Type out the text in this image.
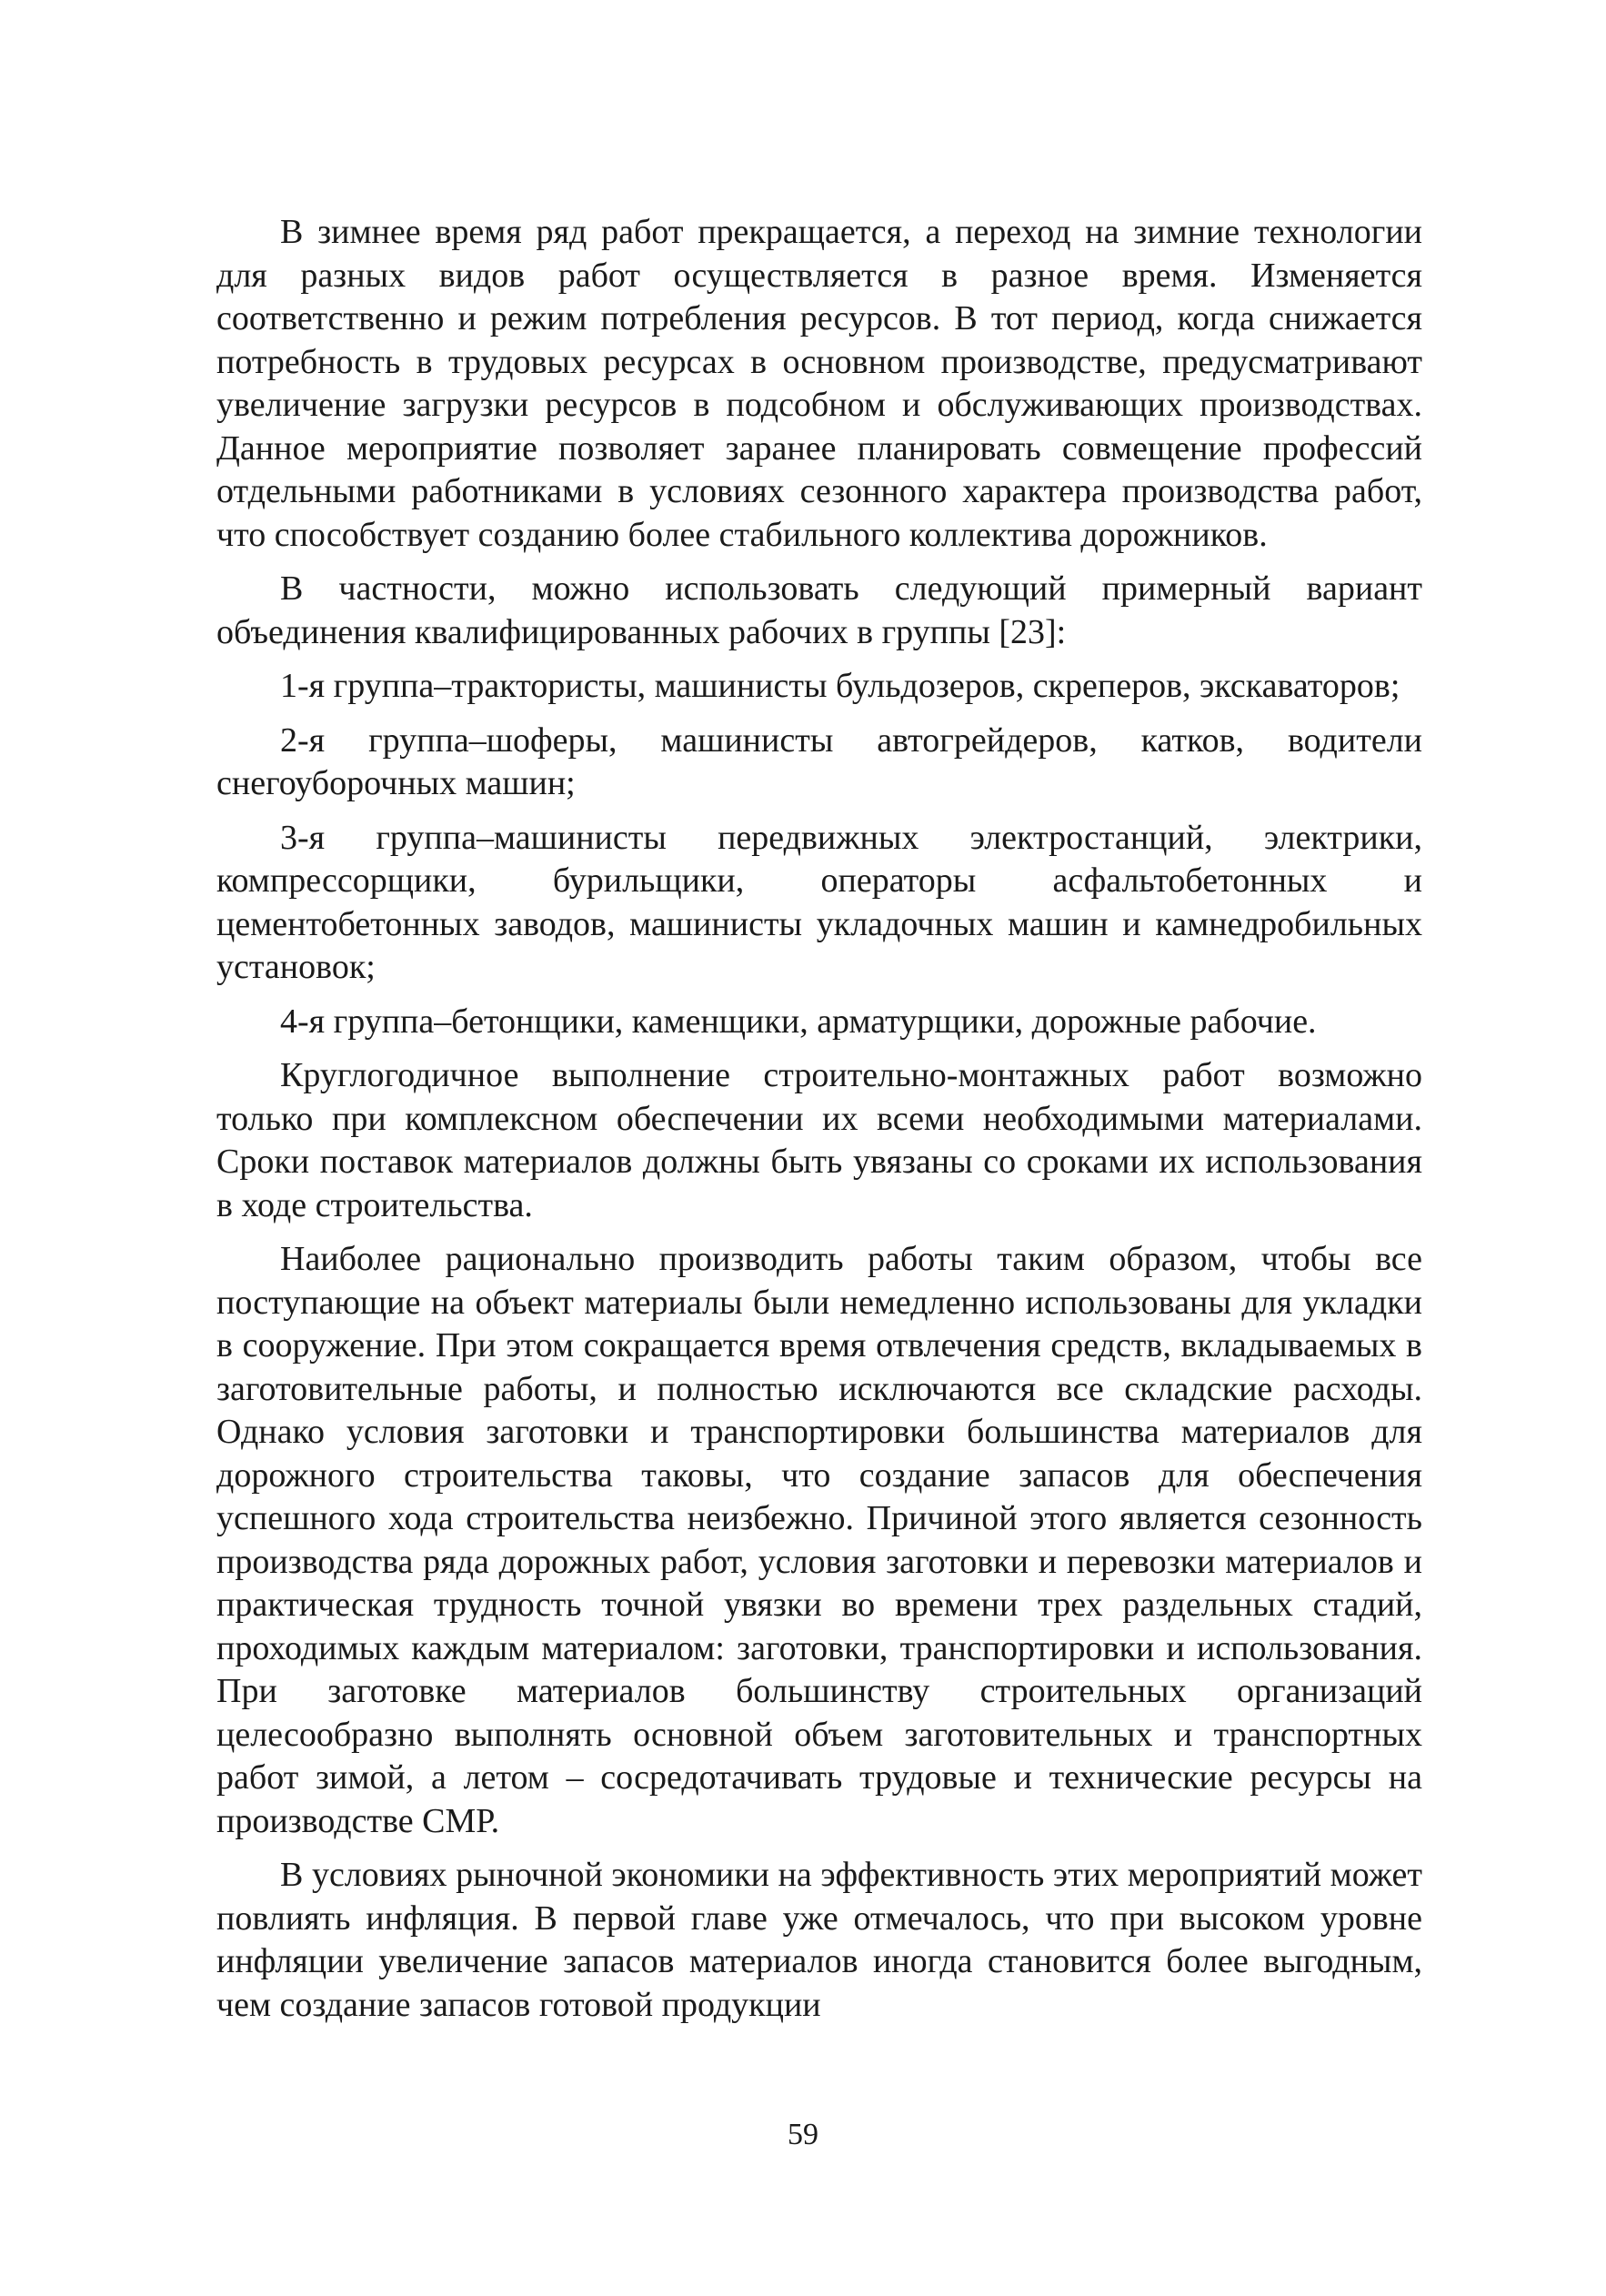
В зимнее время ряд работ прекращается, а переход на зимние технологии для разных видов работ осуществляется в разное время. Изменяется соответственно и режим потребления ресурсов. В тот период, когда снижается потребность в трудовых ресурсах в основном производстве, предусматривают увеличение загрузки ресурсов в подсобном и обслуживающих производствах. Данное мероприятие позволяет заранее планировать совмещение профессий отдельными работниками в условиях сезонного характера производства работ, что способствует созданию более стабильного коллектива дорожников.

В частности, можно использовать следующий примерный вариант объединения квалифицированных рабочих в группы [23]:

1-я группа–трактористы, машинисты бульдозеров, скреперов, экскаваторов;

2-я группа–шоферы, машинисты автогрейдеров, катков, водители снегоуборочных машин;

3-я группа–машинисты передвижных электростанций, электрики, компрессорщики, бурильщики, операторы асфальтобетонных и цементобетонных заводов, машинисты укладочных машин и камнедробильных установок;

4-я группа–бетонщики, каменщики, арматурщики, дорожные рабочие.

Круглогодичное выполнение строительно-монтажных работ возможно только при комплексном обеспечении их всеми необходимыми материалами. Сроки поставок материалов должны быть увязаны со сроками их использования в ходе строительства.

Наиболее рационально производить работы таким образом, чтобы все поступающие на объект материалы были немедленно использованы для укладки в сооружение. При этом сокращается время отвлечения средств, вкладываемых в заготовительные работы, и полностью исключаются все складские расходы. Однако условия заготовки и транспортировки большинства материалов для дорожного строительства таковы, что создание запасов для обеспечения успешного хода строительства неизбежно. Причиной этого является сезонность производства ряда дорожных работ, условия заготовки и перевозки материалов и практическая трудность точной увязки во времени трех раздельных стадий, проходимых каждым материалом: заготовки, транспортировки и использования. При заготовке материалов большинству строительных организаций целесообразно выполнять основной объем заготовительных и транспортных работ зимой, а летом – сосредотачивать трудовые и технические ресурсы на производстве СМР.

В условиях рыночной экономики на эффективность этих мероприятий может повлиять инфляция. В первой главе уже отмечалось, что при высоком уровне инфляции увеличение запасов материалов иногда становится более выгодным, чем создание запасов готовой продукции

59
